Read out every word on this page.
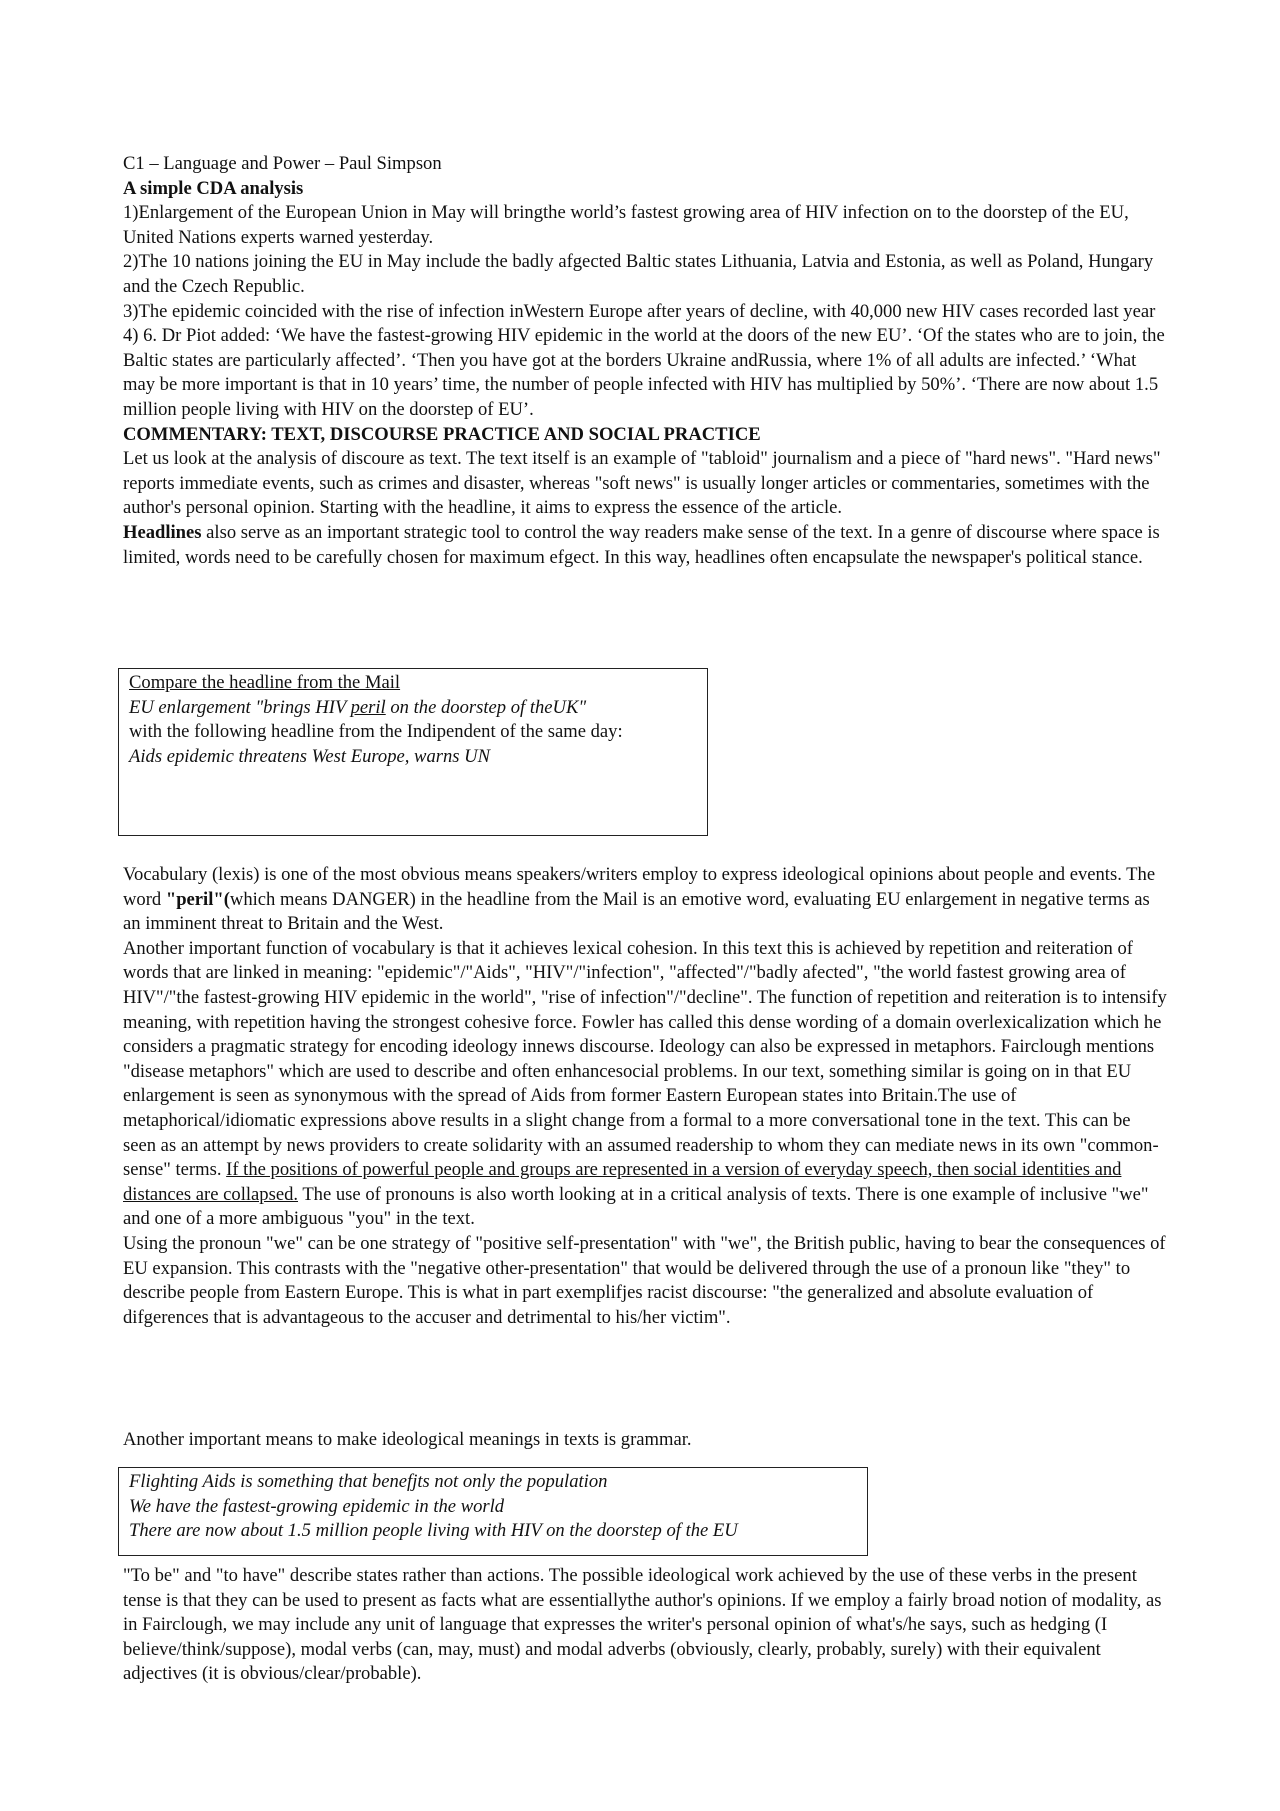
C1 – Language and Power – Paul Simpson

A simple CDA analysis

1)Enlargement of the European Union in May will bringthe world’s fastest growing area of HIV infection on to the doorstep of the EU, United Nations experts warned yesterday.

2)The 10 nations joining the EU in May include the badly afgected Baltic states Lithuania, Latvia and Estonia, as well as Poland, Hungary and the Czech Republic.

3)The epidemic coincided with the rise of infection inWestern Europe after years of decline, with 40,000 new HIV cases recorded last year

4) 6. Dr Piot added: ‘We have the fastest-growing HIV epidemic in the world at the doors of the new EU’. ‘Of the states who are to join, the Baltic states are particularly affected’. ‘Then you have got at the borders Ukraine andRussia, where 1% of all adults are infected.’ ‘What may be more important is that in 10 years’ time, the number of people infected with HIV has multiplied by 50%’. ‘There are now about 1.5 million people living with HIV on the doorstep of EU’.

COMMENTARY: TEXT, DISCOURSE PRACTICE AND SOCIAL PRACTICE

Let us look at the analysis of discoure as text. The text itself is an example of "tabloid" journalism and a piece of "hard news". "Hard news" reports immediate events, such as crimes and disaster, whereas "soft news" is usually longer articles or commentaries, sometimes with the author's personal opinion. Starting with the headline, it aims to express the essence of the article.

Headlines also serve as an important strategic tool to control the way readers make sense of the text. In a genre of discourse where space is limited, words need to be carefully chosen for maximum efgect. In this way, headlines often encapsulate the newspaper's political stance.

Compare the headline from the Mail

EU enlargement "brings HIV peril on the doorstep of theUK"

with the following headline from the Indipendent of the same day:

Aids epidemic threatens West Europe, warns UN

Vocabulary (lexis) is one of the most obvious means speakers/writers employ to express ideological opinions about people and events. The word "peril"(which means DANGER) in the headline from the Mail is an emotive word, evaluating EU enlargement in negative terms as an imminent threat to Britain and the West.

Another important function of vocabulary is that it achieves lexical cohesion. In this text this is achieved by repetition and reiteration of words that are linked in meaning: "epidemic"/"Aids", "HIV"/"infection", "affected"/"badly afected", "the world fastest growing area of HIV"/"the fastest-growing HIV epidemic in the world", "rise of infection"/"decline". The function of repetition and reiteration is to intensify meaning, with repetition having the strongest cohesive force. Fowler has called this dense wording of a domain overlexicalization which he considers a pragmatic strategy for encoding ideology innews discourse. Ideology can also be expressed in metaphors. Fairclough mentions "disease metaphors" which are used to describe and often enhancesocial problems. In our text, something similar is going on in that EU enlargement is seen as synonymous with the spread of Aids from former Eastern European states into Britain.The use of metaphorical/idiomatic expressions above results in a slight change from a formal to a more conversational tone in the text. This can be seen as an attempt by news providers to create solidarity with an assumed readership to whom they can mediate news in its own "common-sense" terms. If the positions of powerful people and groups are represented in a version of everyday speech, then social identities and distances are collapsed. The use of pronouns is also worth looking at in a critical analysis of texts. There is one example of inclusive "we" and one of a more ambiguous "you" in the text.

Using the pronoun "we" can be one strategy of "positive self-presentation" with "we", the British public, having to bear the consequences of EU expansion. This contrasts with the "negative other-presentation" that would be delivered through the use of a pronoun like "they" to describe people from Eastern Europe. This is what in part exemplifjes racist discourse: "the generalized and absolute evaluation of difgerences that is advantageous to the accuser and detrimental to his/her victim".

Another important means to make ideological meanings in texts is grammar.

Flighting Aids is something that benefjts not only the population

We have the fastest-growing epidemic in the world

There are now about 1.5 million people living with HIV on the doorstep of the EU

"To be" and "to have" describe states rather than actions. The possible ideological work achieved by the use of these verbs in the present tense is that they can be used to present as facts what are essentiallythe author's opinions. If we employ a fairly broad notion of modality, as in Fairclough, we may include any unit of language that expresses the writer's personal opinion of what's/he says, such as hedging (I believe/think/suppose), modal verbs (can, may, must) and modal adverbs (obviously, clearly, probably, surely) with their equivalent adjectives (it is obvious/clear/probable).
